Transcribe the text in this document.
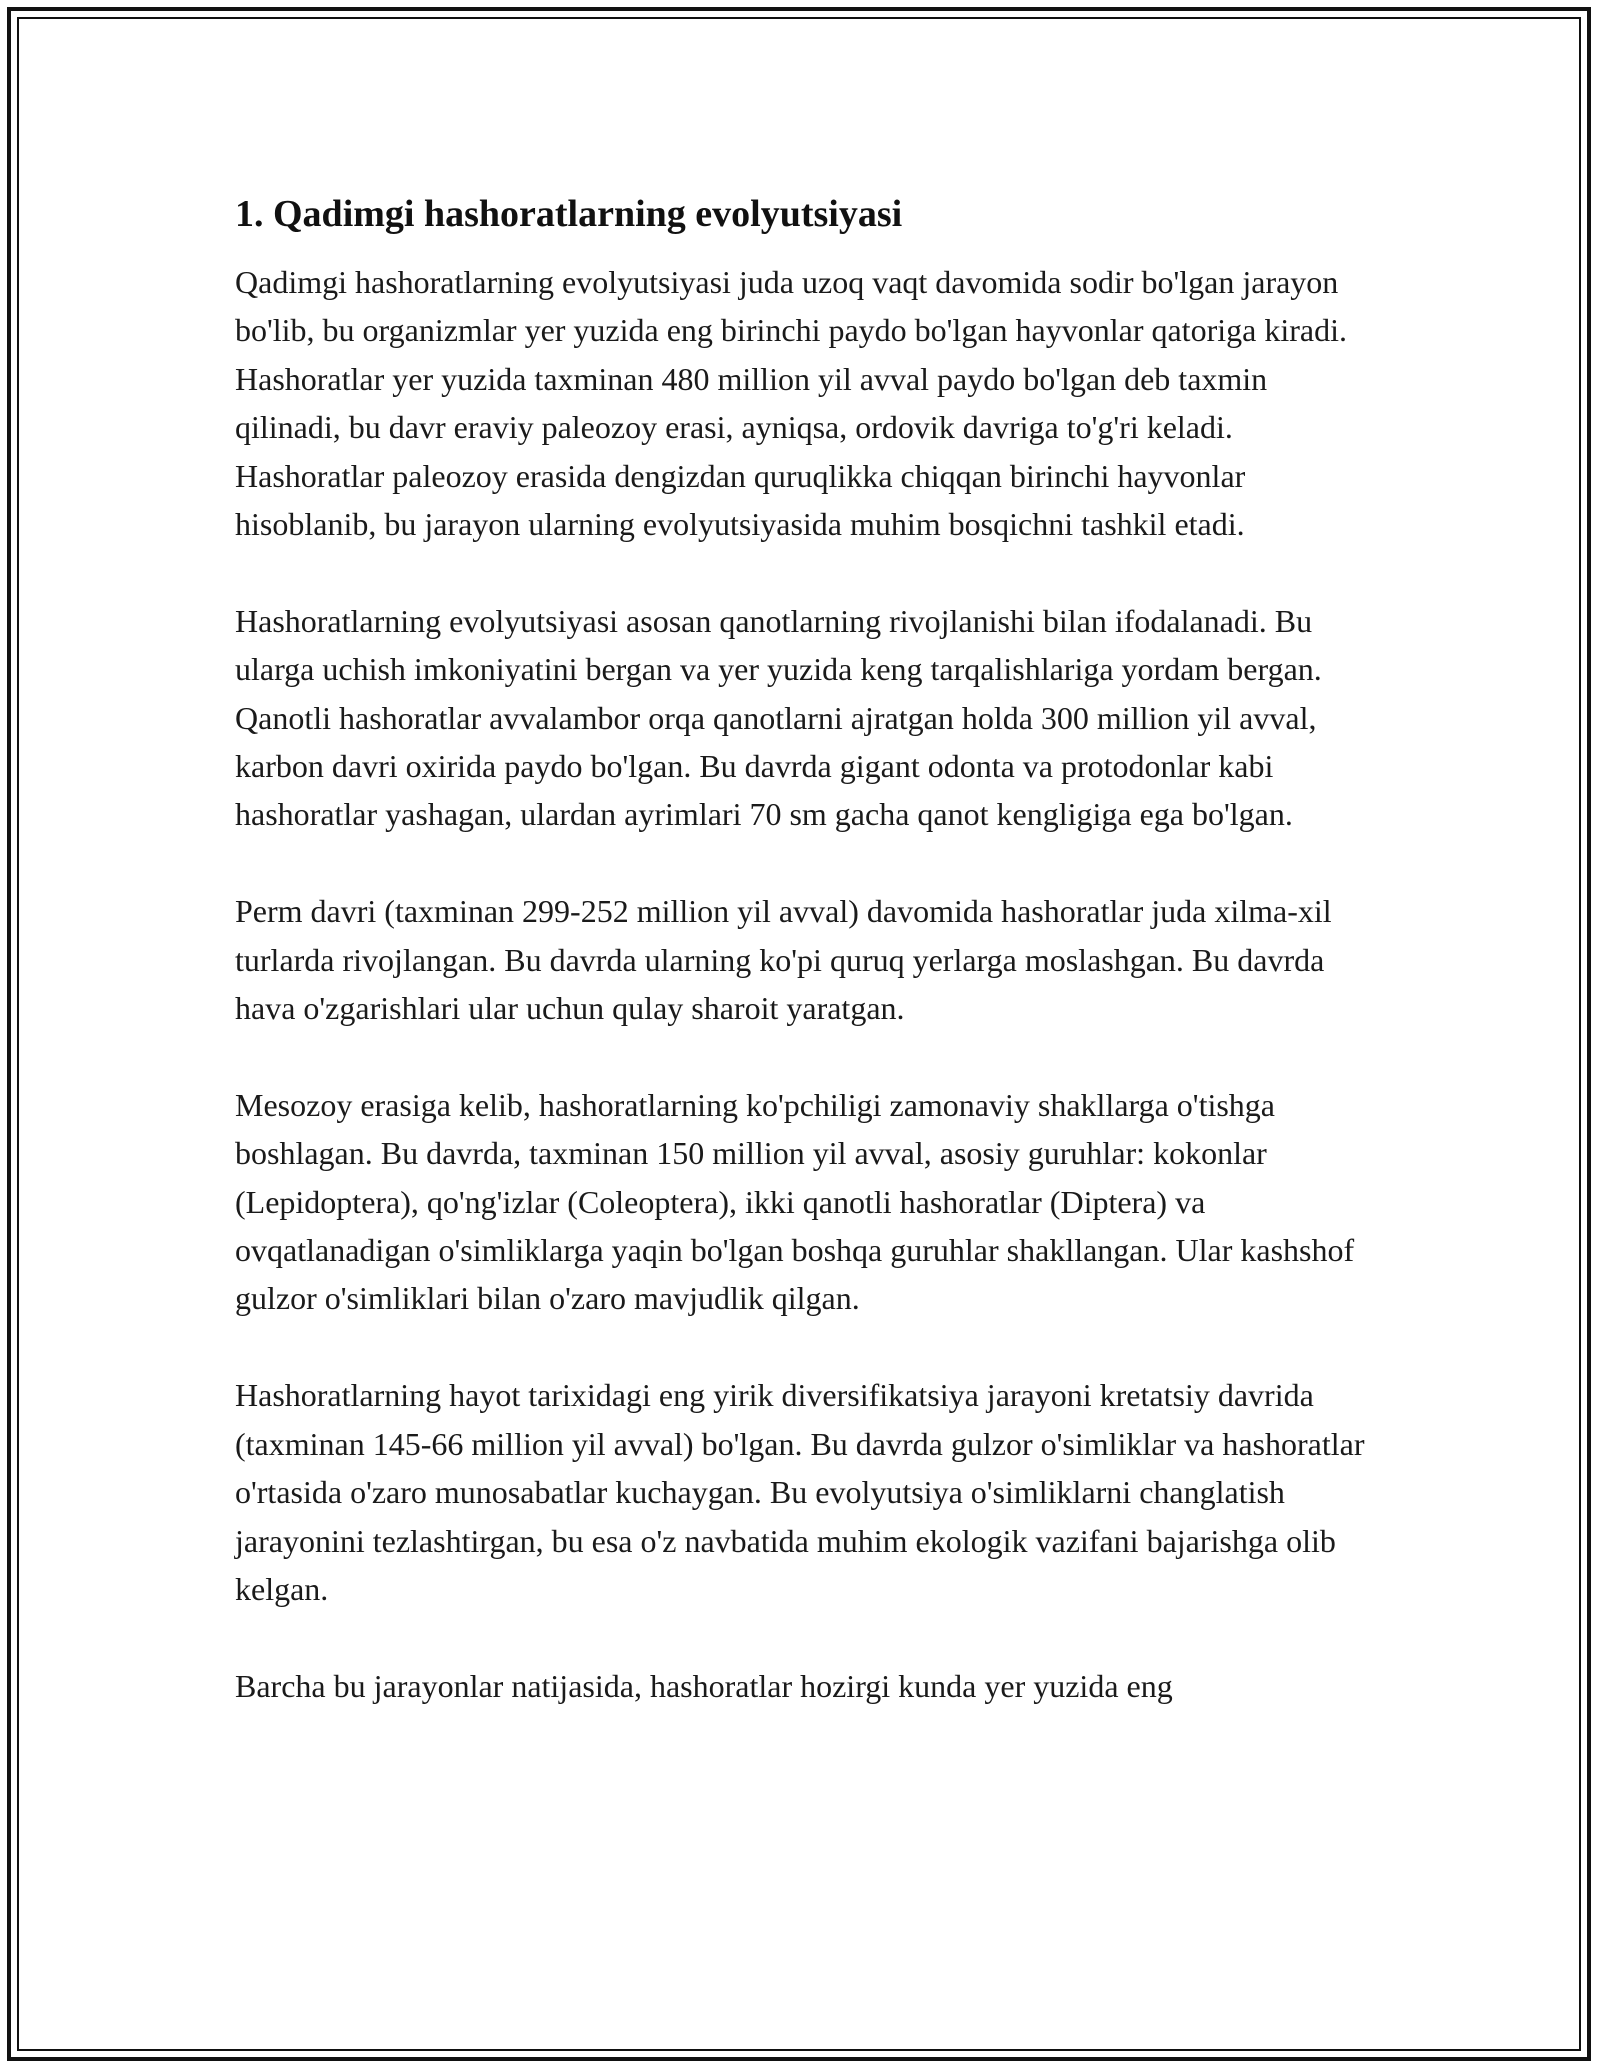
1. Qadimgi hashoratlarning evolyutsiyasi

Qadimgi hashoratlarning evolyutsiyasi juda uzoq vaqt davomida sodir bo'lgan jarayon bo'lib, bu organizmlar yer yuzida eng birinchi paydo bo'lgan hayvonlar qatoriga kiradi. Hashoratlar yer yuzida taxminan 480 million yil avval paydo bo'lgan deb taxmin qilinadi, bu davr eraviy paleozoy erasi, ayniqsa, ordovik davriga to'g'ri keladi. Hashoratlar paleozoy erasida dengizdan quruqlikka chiqqan birinchi hayvonlar hisoblanib, bu jarayon ularning evolyutsiyasida muhim bosqichni tashkil etadi.

Hashoratlarning evolyutsiyasi asosan qanotlarning rivojlanishi bilan ifodalanadi. Bu ularga uchish imkoniyatini bergan va yer yuzida keng tarqalishlariga yordam bergan. Qanotli hashoratlar avvalambor orqa qanotlarni ajratgan holda 300 million yil avval, karbon davri oxirida paydo bo'lgan. Bu davrda gigant odonta va protodonlar kabi hashoratlar yashagan, ulardan ayrimlari 70 sm gacha qanot kengligiga ega bo'lgan.

Perm davri (taxminan 299-252 million yil avval) davomida hashoratlar juda xilma-xil turlarda rivojlangan. Bu davrda ularning ko'pi quruq yerlarga moslashgan. Bu davrda hava o'zgarishlari ular uchun qulay sharoit yaratgan.

Mesozoy erasiga kelib, hashoratlarning ko'pchiligi zamonaviy shakllarga o'tishga boshlagan. Bu davrda, taxminan 150 million yil avval, asosiy guruhlar: kokonlar (Lepidoptera), qo'ng'izlar (Coleoptera), ikki qanotli hashoratlar (Diptera) va ovqatlanadigan o'simliklarga yaqin bo'lgan boshqa guruhlar shakllangan. Ular kashshof gulzor o'simliklari bilan o'zaro mavjudlik qilgan.

Hashoratlarning hayot tarixidagi eng yirik diversifikatsiya jarayoni kretatsiy davrida (taxminan 145-66 million yil avval) bo'lgan. Bu davrda gulzor o'simliklar va hashoratlar o'rtasida o'zaro munosabatlar kuchaygan. Bu evolyutsiya o'simliklarni changlatish jarayonini tezlashtirgan, bu esa o'z navbatida muhim ekologik vazifani bajarishga olib kelgan.

Barcha bu jarayonlar natijasida, hashoratlar hozirgi kunda yer yuzida eng
